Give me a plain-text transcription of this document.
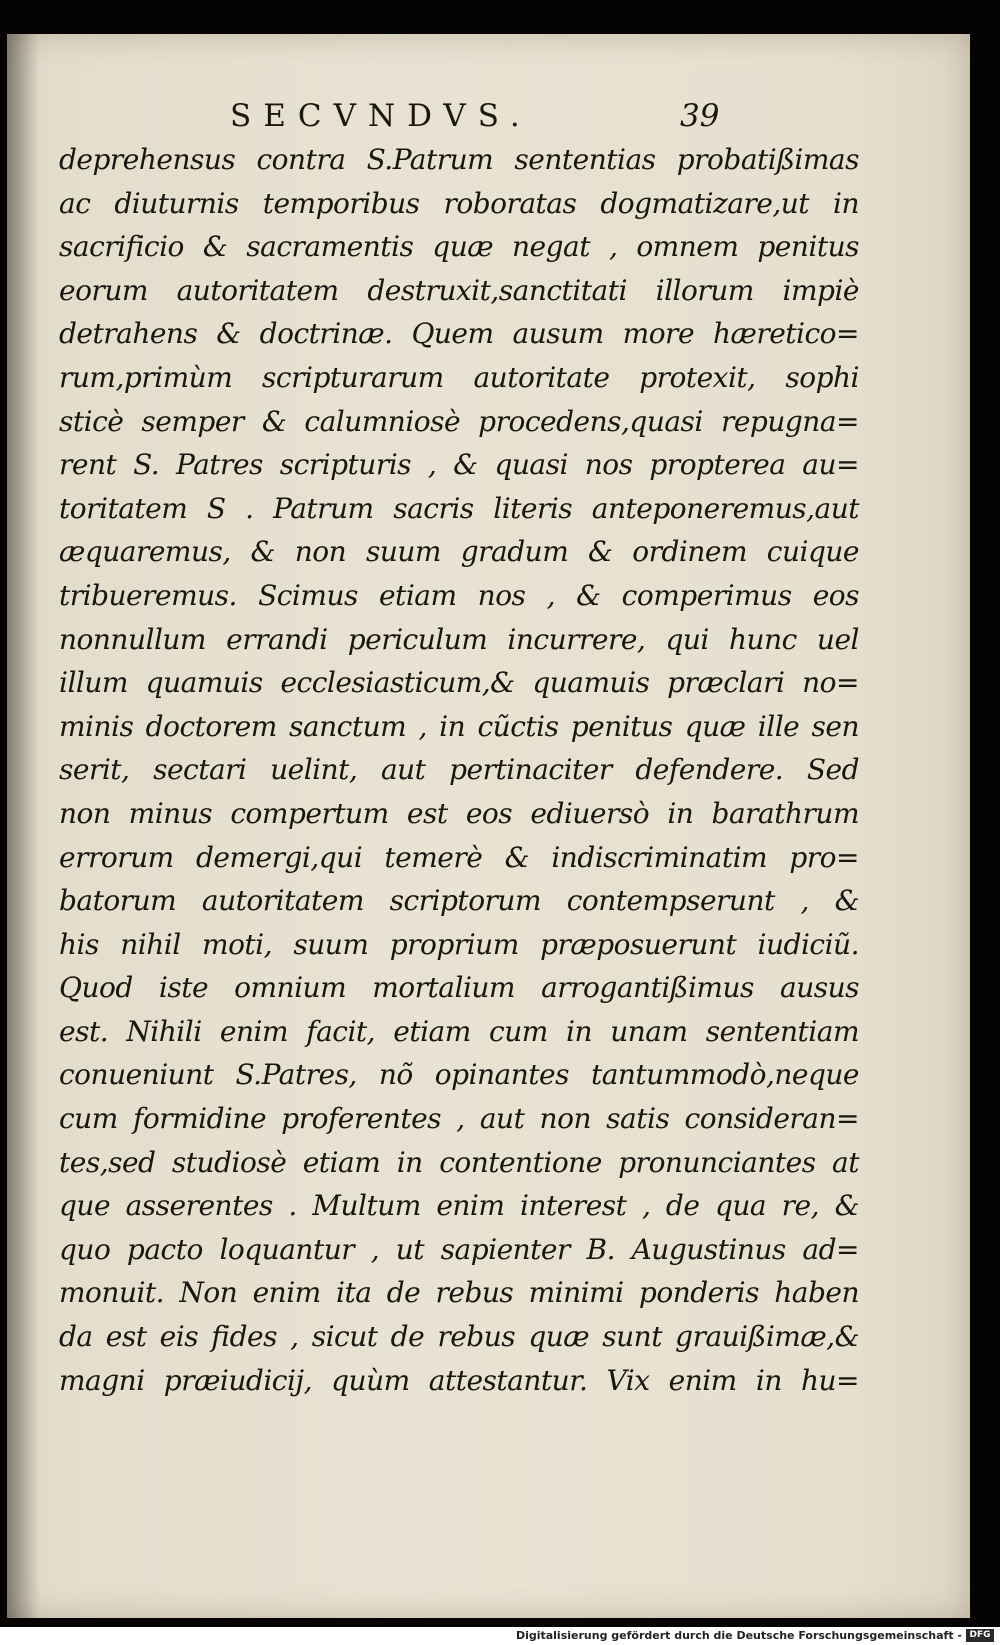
SECVNDVS.	39
deprehensus contra S.Patrum sententias probatißimas
ac diuturnis temporibus roboratas dogmatizare,ut in
sacrificio & sacramentis quæ negat , omnem penitus
eorum autoritatem destruxit,sanctitati illorum impiè
detrahens & doctrinæ. Quem ausum more hæretico=
rum,primùm scripturarum autoritate protexit, sophi
sticè semper & calumniosè procedens,quasi repugna=
rent S. Patres scripturis , & quasi nos propterea au=
toritatem S . Patrum sacris literis anteponeremus,aut
æquaremus, & non suum gradum & ordinem cuique
tribueremus. Scimus etiam nos , & comperimus eos
nonnullum errandi periculum incurrere, qui hunc uel
illum quamuis ecclesiasticum,& quamuis præclari no=
minis doctorem sanctum , in cũctis penitus quæ ille sen
serit, sectari uelint, aut pertinaciter defendere. Sed
non minus compertum est eos ediuersò in barathrum
errorum demergi,qui temerè & indiscriminatim pro=
batorum autoritatem scriptorum contempserunt , &
his nihil moti, suum proprium præposuerunt iudiciũ.
Quod iste omnium mortalium arrogantißimus ausus
est. Nihili enim facit, etiam cum in unam sententiam
conueniunt S.Patres, nõ opinantes tantummodò,neque
cum formidine proferentes , aut non satis consideran=
tes,sed studiosè etiam in contentione pronunciantes at
que asserentes . Multum enim interest , de qua re, &
quo pacto loquantur , ut sapienter B. Augustinus ad=
monuit. Non enim ita de rebus minimi ponderis haben
da est eis fides , sicut de rebus quæ sunt grauißimæ,&
magni præiudicij, quùm attestantur. Vix enim in hu=
Digitalisierung gefördert durch die Deutsche Forschungsgemeinschaft - DFG
